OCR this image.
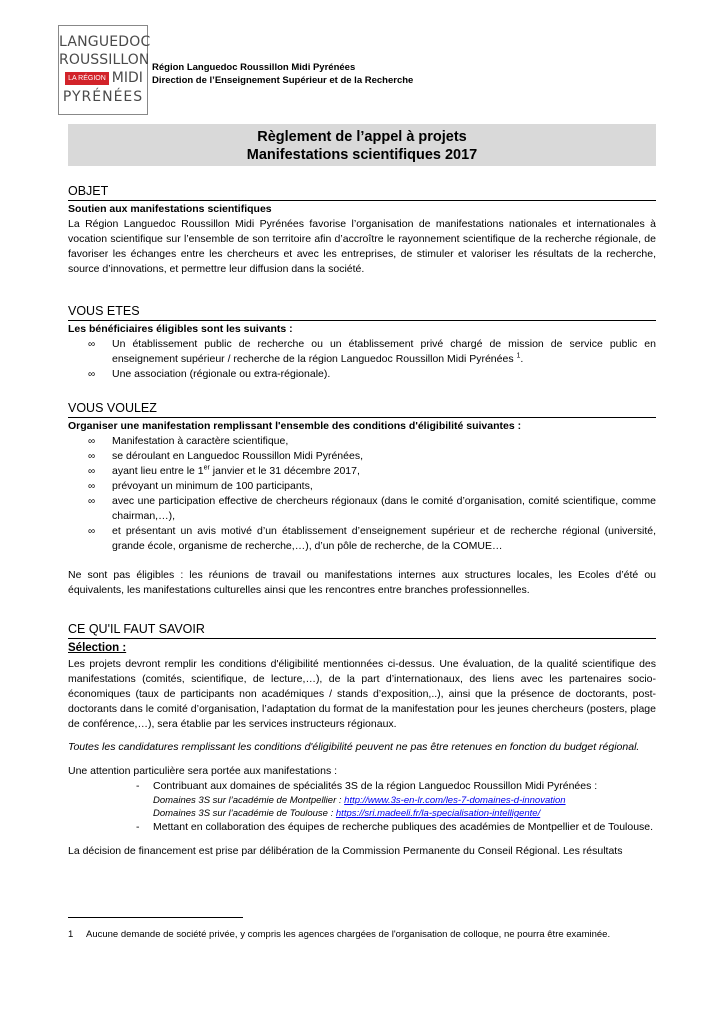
LANGUEDOC
ROUSSILLON
LA RÉGION MIDI
PYRÉNÉES
Région Languedoc Roussillon Midi Pyrénées
Direction de l’Enseignement Supérieur et de la Recherche
Règlement de l’appel à projets
Manifestations scientifiques 2017
OBJET

Soutien aux manifestations scientifiques

La Région Languedoc Roussillon Midi Pyrénées favorise l’organisation de manifestations nationales et internationales à vocation scientifique sur l’ensemble de son territoire afin d’accroître le rayonnement scientifique de la recherche régionale, de favoriser les échanges entre les chercheurs et avec les entreprises, de stimuler et valoriser les résultats de la recherche, source d’innovations, et permettre leur diffusion dans la société.

VOUS ETES

Les bénéficiaires éligibles sont les suivants :

∞ Un établissement public de recherche ou un établissement privé chargé de mission de service public en enseignement supérieur / recherche de la région Languedoc Roussillon Midi Pyrénées $^1$.
∞ Une association (régionale ou extra-régionale).
VOUS VOULEZ

Organiser une manifestation remplissant l'ensemble des conditions d'éligibilité suivantes :

∞ Manifestation à caractère scientifique,
∞ se déroulant en Languedoc Roussillon Midi Pyrénées,
∞ ayant lieu entre le 1er janvier et le 31 décembre 2017,
∞ prévoyant un minimum de 100 participants,
∞ avec une participation effective de chercheurs régionaux (dans le comité d’organisation, comité scientifique, comme chairman,…),
∞ et présentant un avis motivé d’un établissement d’enseignement supérieur et de recherche régional (université, grande école, organisme de recherche,…), d’un pôle de recherche, de la COMUE…

Ne sont pas éligibles : les réunions de travail ou manifestations internes aux structures locales, les Ecoles d’été ou équivalents, les manifestations culturelles ainsi que les rencontres entre branches professionnelles.

CE QU'IL FAUT SAVOIR

Sélection :

Les projets devront remplir les conditions d'éligibilité mentionnées ci-dessus. Une évaluation, de la qualité scientifique des manifestations (comités, scientifique, de lecture,…), de la part d’internationaux, des liens avec les partenaires socio-économiques (taux de participants non académiques / stands d’exposition,..), ainsi que la présence de doctorants, post-doctorants dans le comité d’organisation, l’adaptation du format de la manifestation pour les jeunes chercheurs (posters, plage de conférence,…), sera établie par les services instructeurs régionaux.

Toutes les candidatures remplissant les conditions d'éligibilité peuvent ne pas être retenues en fonction du budget régional.

Une attention particulière sera portée aux manifestations :

- Contribuant aux domaines de spécialités 3S de la région Languedoc Roussillon Midi Pyrénées :
Domaines 3S sur l’académie de Montpellier : http://www.3s-en-lr.com/les-7-domaines-d-innovation
Domaines 3S sur l’académie de Toulouse : https://sri.madeeli.fr/la-specialisation-intelligente/
- Mettant en collaboration des équipes de recherche publiques des académies de Montpellier et de Toulouse.

La décision de financement est prise par délibération de la Commission Permanente du Conseil Régional. Les résultats

1	Aucune demande de société privée, y compris les agences chargées de l'organisation de colloque, ne pourra être examinée.
